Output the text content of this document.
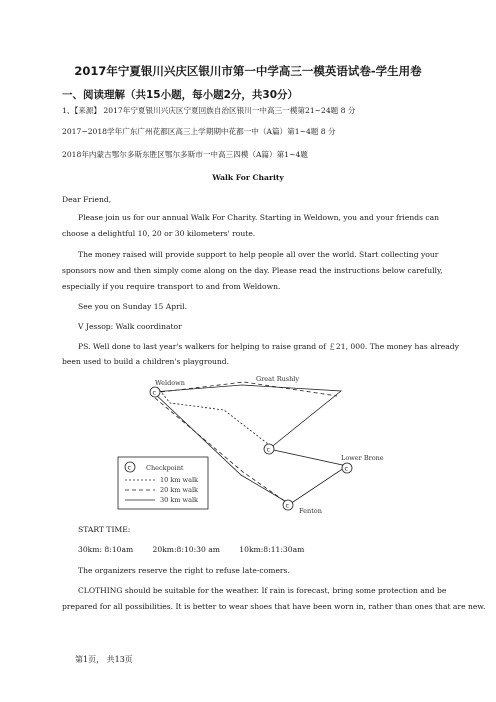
2017年宁夏银川兴庆区银川市第一中学高三一模英语试卷-学生用卷
一、阅读理解（共15小题，每小题2分，共30分）
1、【来源】 2017年宁夏银川兴庆区宁夏回族自治区银川一中高三一模第21~24题 8 分
2017~2018学年广东广州花都区高三上学期期中花都一中（A篇）第1~4题 8 分
2018年内蒙古鄂尔多斯东胜区鄂尔多斯市一中高三四模（A篇）第1~4题
Walk For Charity
Dear Friend,
Please join us for our annual Walk For Charity. Starting in Weldown, you and your friends can
choose a delightful 10, 20 or 30 kilometers' route.
The money raised will provide support to help people all over the world. Start collecting your
sponsors now and then simply come along on the day. Please read the instructions below carefully,
especially if you require transport to and from Weldown.
See you on Sunday 15 April.
V Jessop: Walk coordinator
PS. Well done to last year's walkers for helping to raise grand of ￡21, 000. The money has already
been used to build a children's playground.
c
c
c
c
Weldown	Great Rushly
Lower Brone
Fenton
c Checkpoint
10 km walk
20 km walk
30 km walk
START TIME:
30km: 8:10am        20km:8:10:30 am        10km:8:11:30am
The organizers reserve the right to refuse late-comers.
CLOTHING should be suitable for the weather. If rain is forecast, bring some protection and be
prepared for all possibilities. It is better to wear shoes that have been worn in, rather than ones that are new.
第1页， 共13页
